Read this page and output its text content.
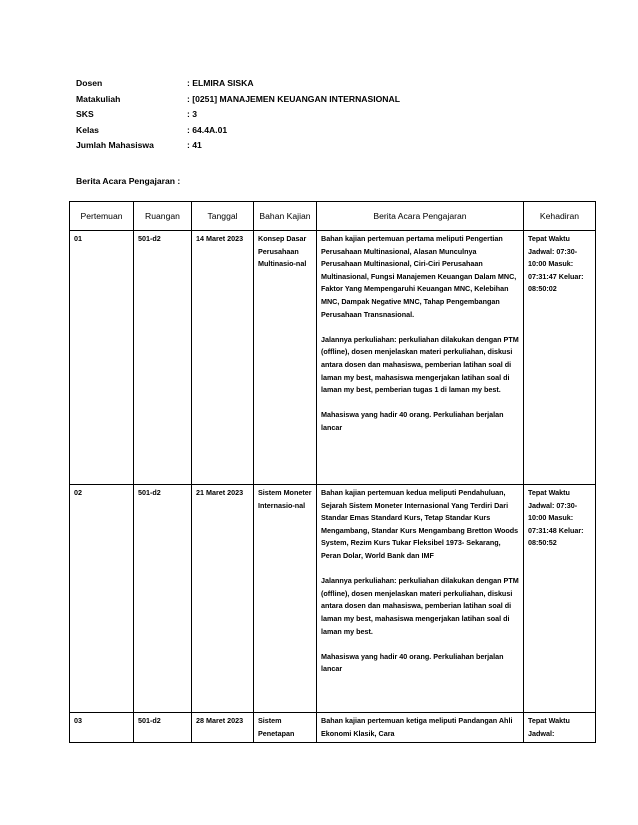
Dosen	: ELMIRA SISKA
Matakuliah	: [0251] MANAJEMEN KEUANGAN INTERNASIONAL
SKS	: 3
Kelas	: 64.4A.01
Jumlah Mahasiswa	: 41
Berita Acara Pengajaran :
Pertemuan	Ruangan	Tanggal	Bahan Kajian	Berita Acara Pengajaran	Kehadiran
01	501-d2	14 Maret 2023	Konsep Dasar Perusahaan Multinasio-nal	Bahan kajian pertemuan pertama meliputi Pengertian Perusahaan Multinasional, Alasan Munculnya Perusahaan Multinasional, Ciri-Ciri Perusahaan Multinasional, Fungsi Manajemen Keuangan Dalam MNC, Faktor Yang Mempengaruhi Keuangan MNC, Kelebihan MNC, Dampak Negative MNC, Tahap Pengembangan Perusahaan Transnasional.
Jalannya perkuliahan: perkuliahan dilakukan dengan PTM (offline), dosen menjelaskan materi perkuliahan, diskusi antara dosen dan mahasiswa, pemberian latihan soal di laman my best, mahasiswa mengerjakan latihan soal di laman my best, pemberian tugas 1 di laman my best.
Mahasiswa yang hadir 40 orang. Perkuliahan berjalan lancar	Tepat Waktu Jadwal: 07:30-10:00 Masuk: 07:31:47 Keluar: 08:50:02
02	501-d2	21 Maret 2023	Sistem Moneter Internasio-nal	Bahan kajian pertemuan kedua meliputi Pendahuluan, Sejarah Sistem Moneter Internasional Yang Terdiri Dari Standar Emas Standard Kurs, Tetap Standar Kurs Mengambang, Standar Kurs Mengambang Bretton Woods System, Rezim Kurs Tukar Fleksibel 1973- Sekarang, Peran Dolar, World Bank dan IMF
Jalannya perkuliahan: perkuliahan dilakukan dengan PTM (offline), dosen menjelaskan materi perkuliahan, diskusi antara dosen dan mahasiswa, pemberian latihan soal di laman my best, mahasiswa mengerjakan latihan soal di laman my best.
Mahasiswa yang hadir 40 orang. Perkuliahan berjalan lancar	Tepat Waktu Jadwal: 07:30-10:00 Masuk: 07:31:48 Keluar: 08:50:52
03	501-d2	28 Maret 2023	Sistem Penetapan	Bahan kajian pertemuan ketiga meliputi Pandangan Ahli Ekonomi Klasik, Cara	Tepat Waktu Jadwal:
